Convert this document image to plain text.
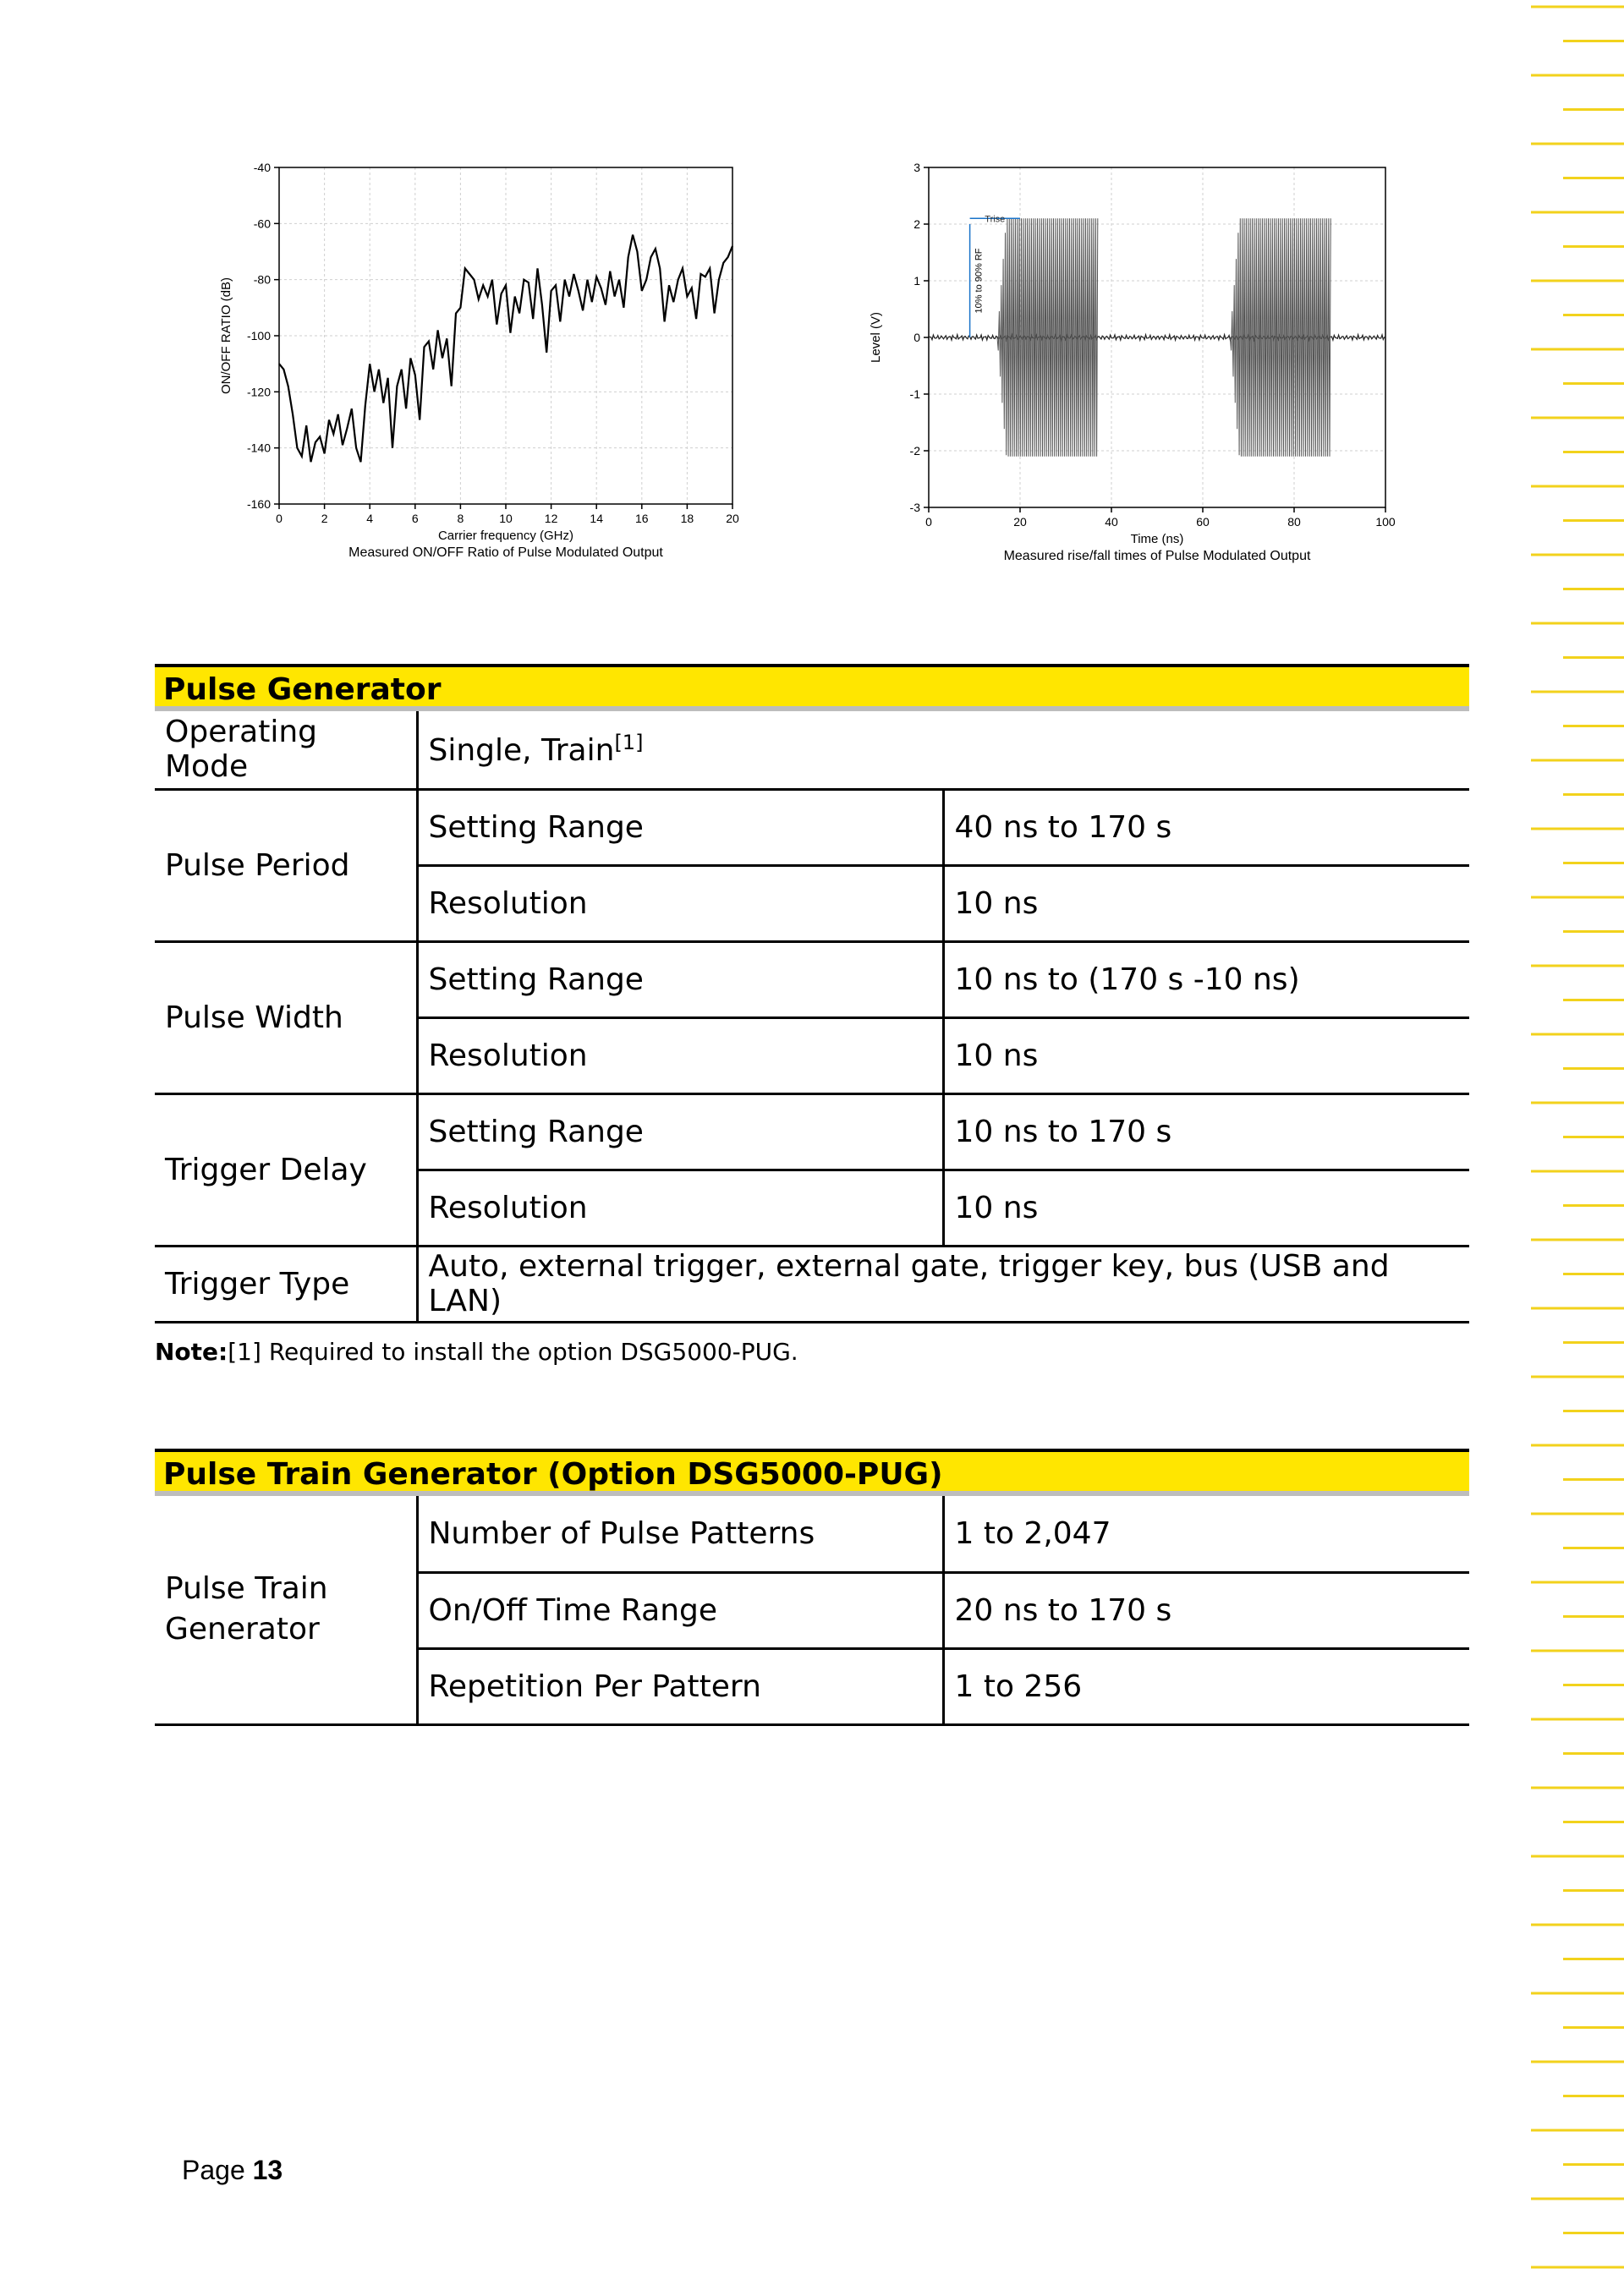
0	2	4	6	8	10	12	14	16	18	20
-40
-60
-80
-100
-120
-140
-160
Carrier frequency (GHz)
Measured ON/OFF Ratio of Pulse Modulated Output
ON/OFF RATIO (dB)
0	20	40	60	80	100
3
2
1
0
-1
-2
-3
Trise
10% to 90% RF
Time (ns)
Measured rise/fall times of Pulse Modulated Output
Level (V)
Pulse Generator		
Operating Mode	Single, Train[1]
Pulse Period	Setting Range	40 ns to 170 s
	Resolution	10 ns
Pulse Width	Setting Range	10 ns to (170 s -10 ns)
	Resolution	10 ns
Trigger Delay	Setting Range	10 ns to 170 s
	Resolution	10 ns
Trigger Type	Auto, external trigger, external gate, trigger key, bus (USB and LAN)	
Note:[1] Required to install the option DSG5000-PUG.
Pulse Train Generator (Option DSG5000-PUG)		

Pulse Train Generator	Number of Pulse Patterns	1 to 2,047
	On/Off Time Range	20 ns to 170 s
	Repetition Per Pattern	1 to 256
Page 13
